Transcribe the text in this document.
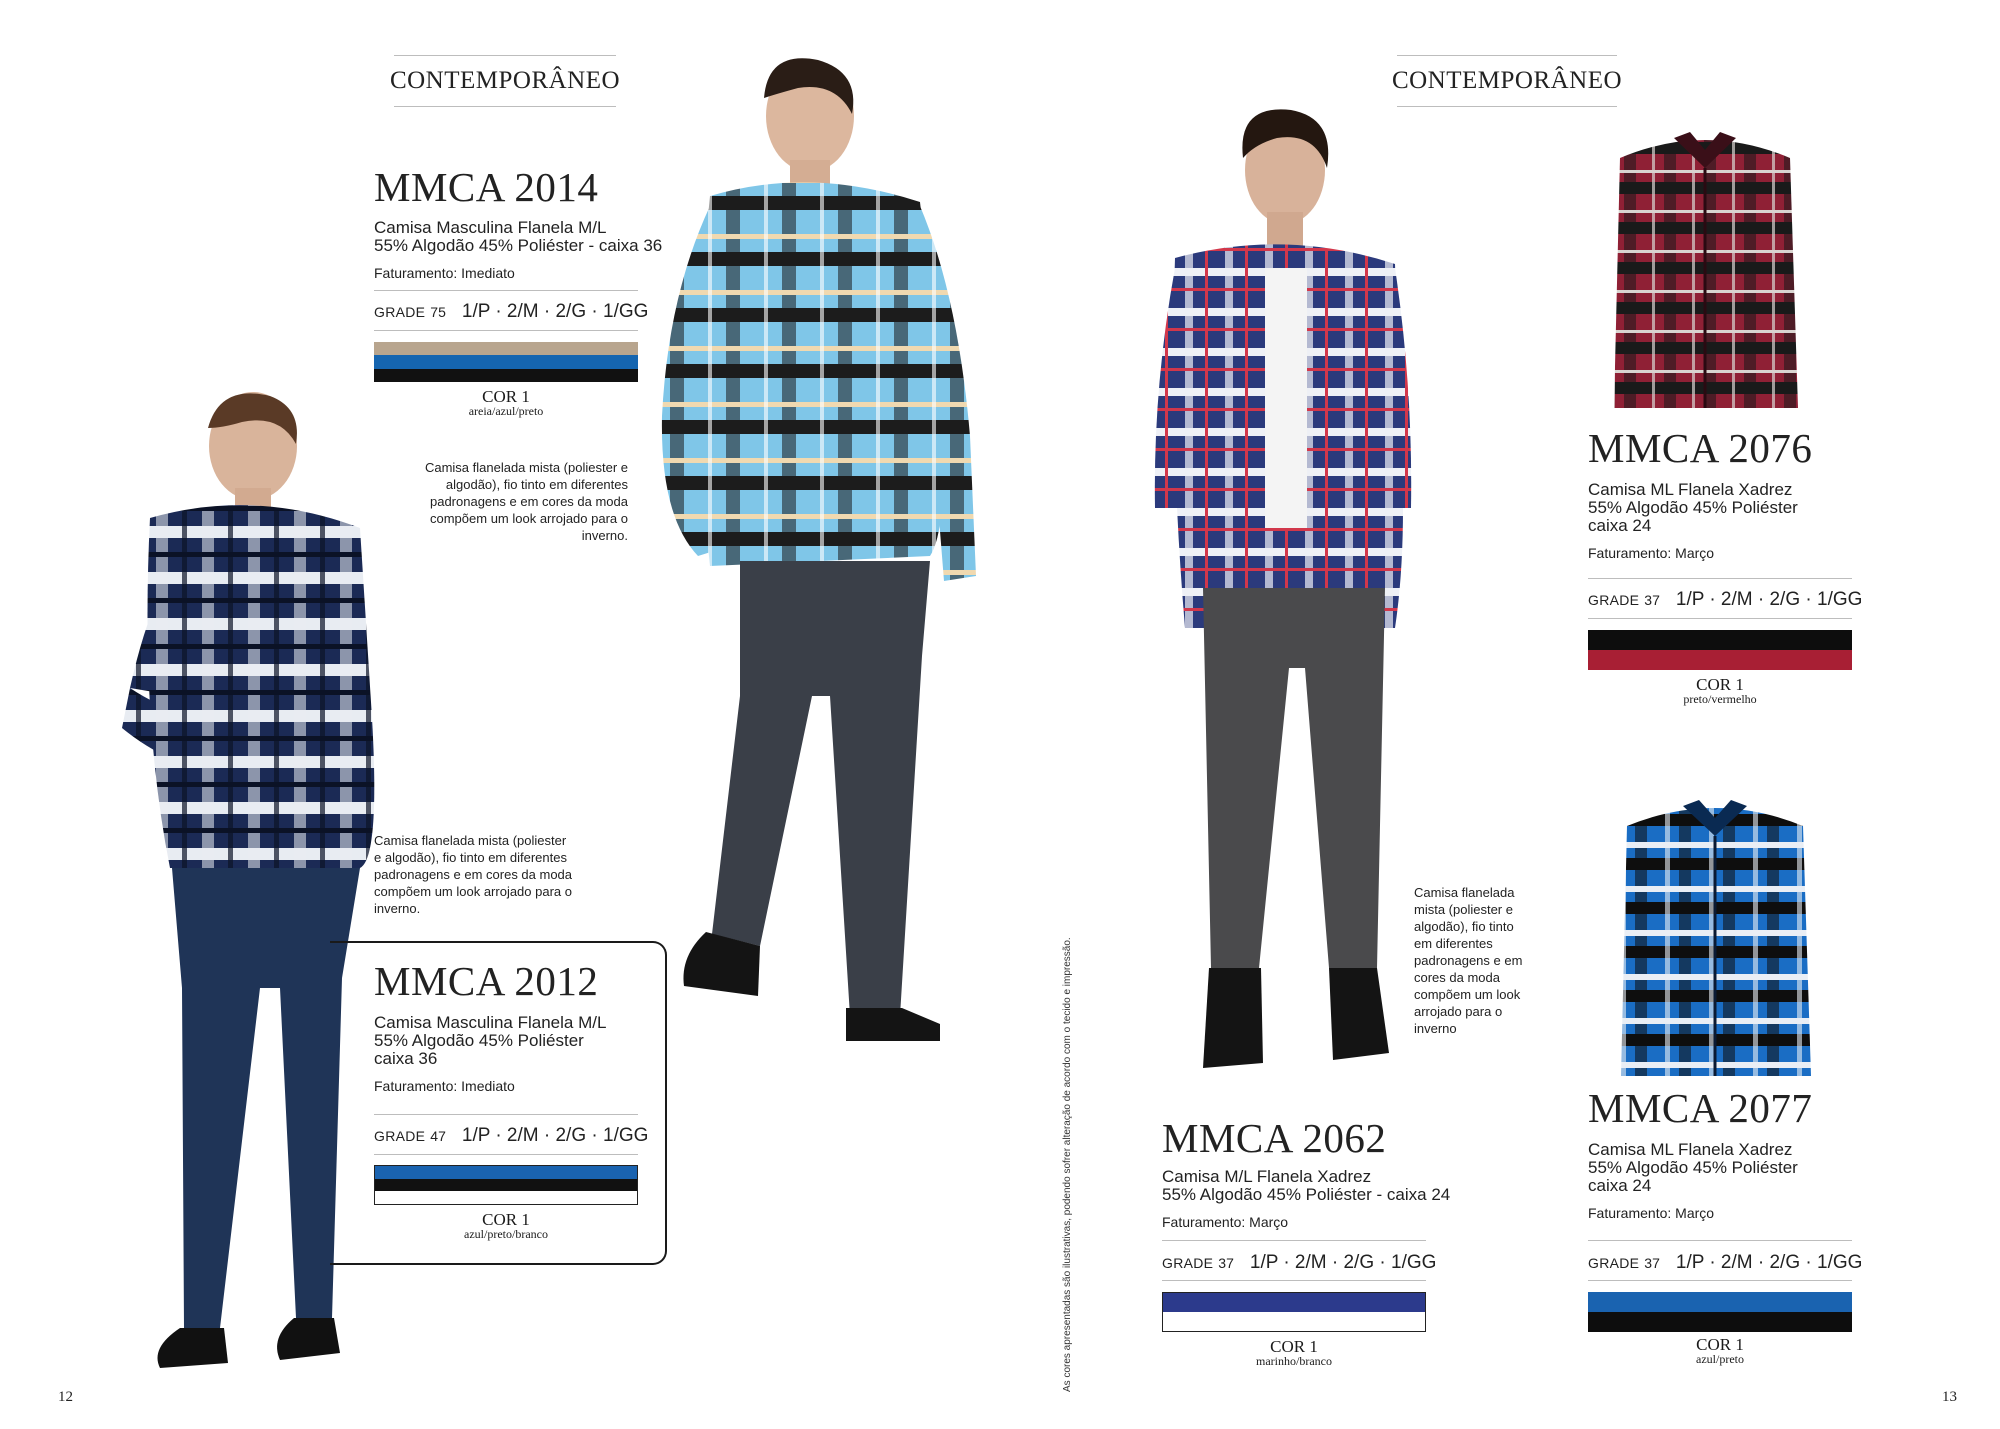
CONTEMPORÂNEO
MMCA 2014
Camisa Masculina Flanela M/L
55% Algodão 45% Poliéster - caixa 36
Faturamento: Imediato
GRADE 75 1/P · 2/M · 2/G · 1/GG
COR 1
areia/azul/preto
Camisa flanelada mista (poliester e algodão), fio tinto em diferentes padronagens e em cores da moda compõem um look arrojado para o inverno.
Camisa flanelada mista (poliester e algodão), fio tinto em diferentes padronagens e em cores da moda compõem um look arrojado para o inverno.
MMCA 2012
Camisa Masculina Flanela M/L
55% Algodão 45% Poliéster
caixa 36
Faturamento: Imediato
GRADE 47 1/P · 2/M · 2/G · 1/GG
COR 1
azul/preto/branco
12
As cores apresentadas são ilustrativas, podendo sofrer alteração de acordo com o tecido e impressão.
CONTEMPORÂNEO
MMCA 2076
Camisa ML Flanela Xadrez
55% Algodão 45% Poliéster
caixa 24
Faturamento: Março
GRADE 37 1/P · 2/M · 2/G · 1/GG
COR 1
preto/vermelho
Camisa flanelada mista (poliester e algodão), fio tinto em diferentes padronagens e em cores da moda compõem um look arrojado para o inverno
MMCA 2062
Camisa M/L Flanela Xadrez
55% Algodão 45% Poliéster - caixa 24
Faturamento: Março
GRADE 37 1/P · 2/M · 2/G · 1/GG
COR 1
marinho/branco
MMCA 2077
Camisa ML Flanela Xadrez
55% Algodão 45% Poliéster
caixa 24
Faturamento: Março
GRADE 37 1/P · 2/M · 2/G · 1/GG
COR 1
azul/preto
13
